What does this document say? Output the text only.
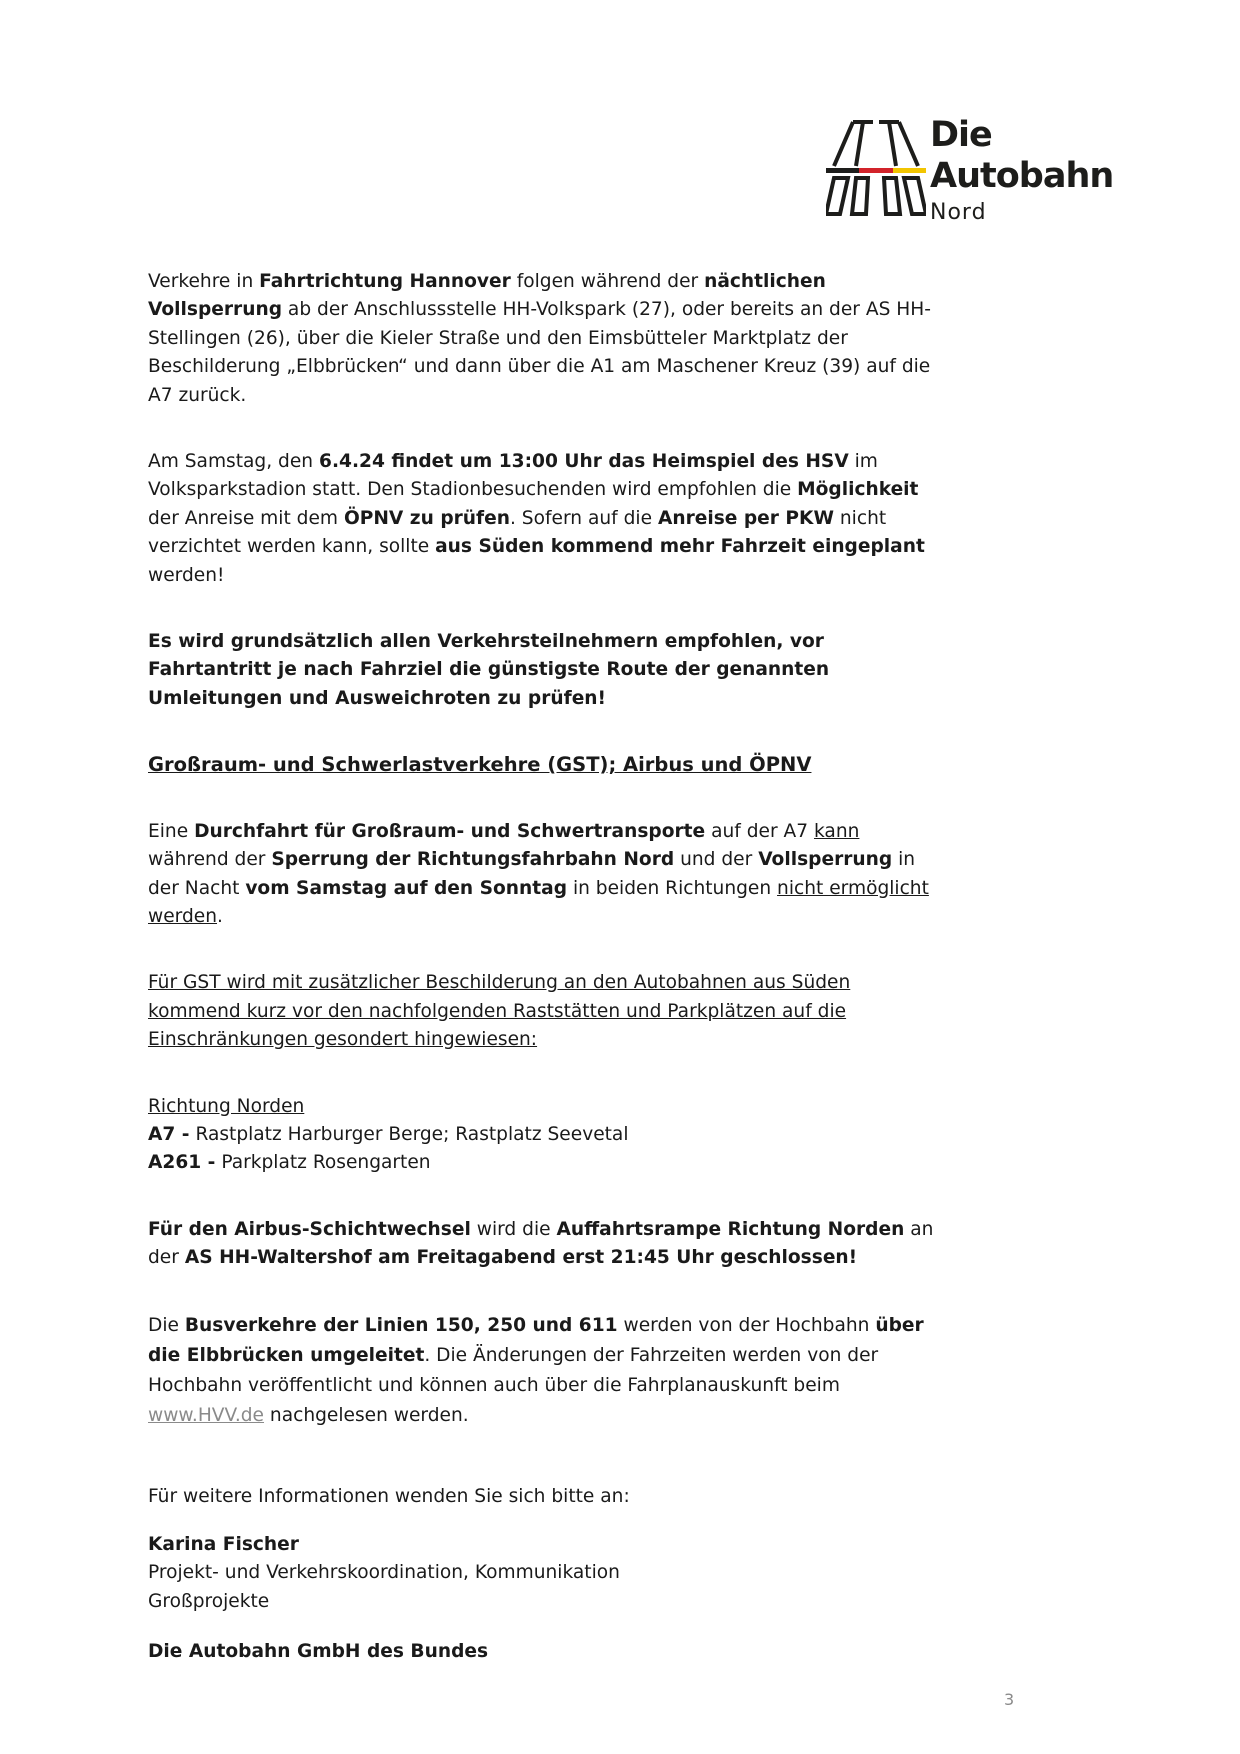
Die
Autobahn
Nord

Verkehre in Fahrtrichtung Hannover folgen während der nächtlichen Vollsperrung ab der Anschlussstelle HH-Volkspark (27), oder bereits an der AS HH-Stellingen (26), über die Kieler Straße und den Eimsbütteler Marktplatz der Beschilderung „Elbbrücken“ und dann über die A1 am Maschener Kreuz (39) auf die A7 zurück.

Am Samstag, den 6.4.24 findet um 13:00 Uhr das Heimspiel des HSV im Volksparkstadion statt. Den Stadionbesuchenden wird empfohlen die Möglichkeit der Anreise mit dem ÖPNV zu prüfen. Sofern auf die Anreise per PKW nicht verzichtet werden kann, sollte aus Süden kommend mehr Fahrzeit eingeplant werden!

Es wird grundsätzlich allen Verkehrsteilnehmern empfohlen, vor Fahrtantritt je nach Fahrziel die günstigste Route der genannten Umleitungen und Ausweichroten zu prüfen!

Großraum- und Schwerlastverkehre (GST); Airbus und ÖPNV

Eine Durchfahrt für Großraum- und Schwertransporte auf der A7 kann während der Sperrung der Richtungsfahrbahn Nord und der Vollsperrung in der Nacht vom Samstag auf den Sonntag in beiden Richtungen nicht ermöglicht werden.

Für GST wird mit zusätzlicher Beschilderung an den Autobahnen aus Süden kommend kurz vor den nachfolgenden Raststätten und Parkplätzen auf die Einschränkungen gesondert hingewiesen:

Richtung Norden

A7 - Rastplatz Harburger Berge; Rastplatz Seevetal

A261 - Parkplatz Rosengarten

Für den Airbus-Schichtwechsel wird die Auffahrtsrampe Richtung Norden an der AS HH-Waltershof am Freitagabend erst 21:45 Uhr geschlossen!

Die Busverkehre der Linien 150, 250 und 611 werden von der Hochbahn über die Elbbrücken umgeleitet. Die Änderungen der Fahrzeiten werden von der Hochbahn veröffentlicht und können auch über die Fahrplanauskunft beim www.HVV.de nachgelesen werden.

Für weitere Informationen wenden Sie sich bitte an:

Karina Fischer

Projekt- und Verkehrskoordination, Kommunikation

Großprojekte

Die Autobahn GmbH des Bundes

3
